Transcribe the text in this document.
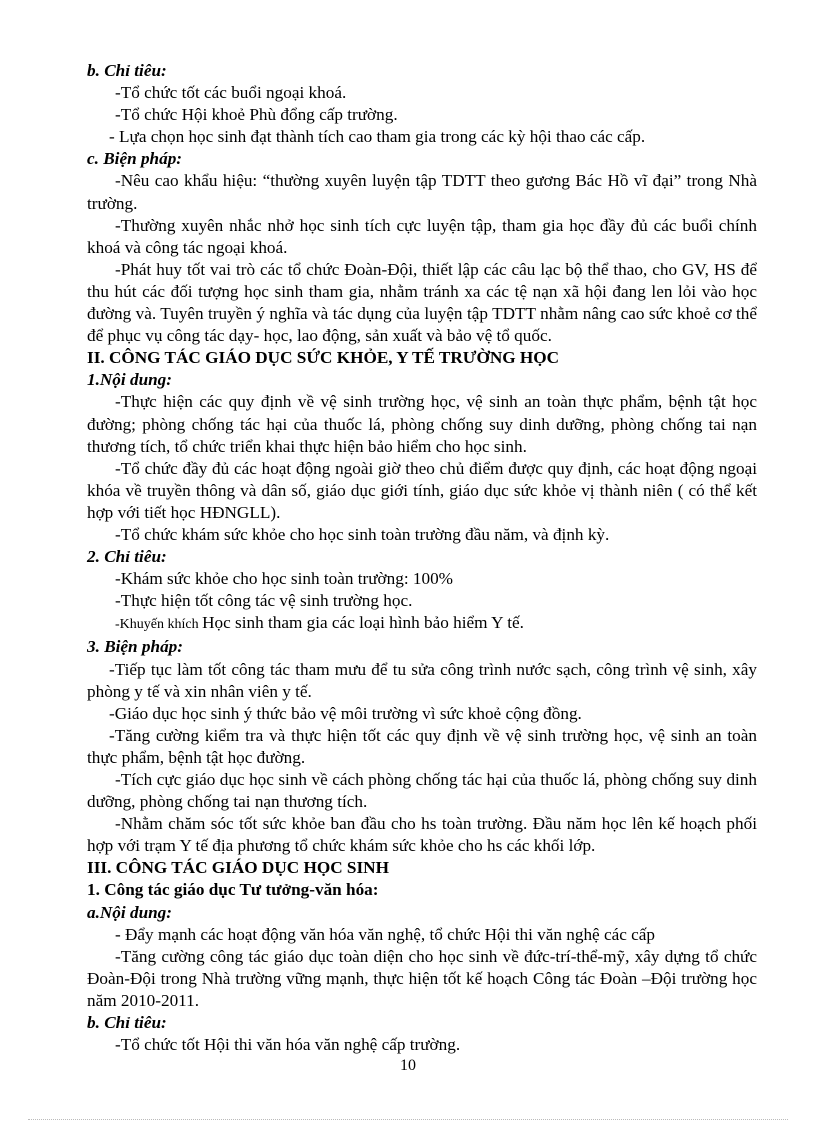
b. Chỉ tiêu:

-Tổ chức tốt các buổi ngoại khoá.

-Tổ chức Hội khoẻ Phù đổng cấp trường.

- Lựa chọn học sinh đạt thành tích cao tham gia trong các kỳ hội thao các cấp.

c. Biện pháp:

-Nêu cao khẩu hiệu: “thường xuyên luyện tập TDTT theo gương Bác Hồ vĩ đại” trong Nhà trường.

-Thường xuyên nhắc nhở học sinh tích cực luyện tập, tham gia học đầy đủ các buổi chính khoá và công tác ngoại khoá.

-Phát huy tốt vai trò các tổ chức Đoàn-Đội, thiết lập các câu lạc bộ thể thao, cho GV, HS để thu hút các đối tượng học sinh tham gia, nhằm tránh xa các tệ nạn xã hội đang len lỏi vào học đường và. Tuyên truyền ý nghĩa và tác dụng của luyện tập TDTT nhằm nâng cao sức khoẻ cơ thể để phục vụ công tác dạy- học, lao động, sản xuất và bảo vệ tổ quốc.

II. CÔNG TÁC GIÁO DỤC SỨC KHỎE, Y TẾ TRƯỜNG HỌC

1.Nội dung:

-Thực hiện các quy định về vệ sinh trường học, vệ sinh an toàn thực phẩm, bệnh tật học đường; phòng chống tác hại của thuốc lá, phòng chống suy dinh dưỡng, phòng chống tai nạn thương tích, tổ chức triển khai thực hiện bảo hiểm cho học sinh.

-Tổ chức đầy đủ các hoạt động ngoài giờ theo chủ điểm được quy định, các hoạt động ngoại khóa về truyền thông và dân số, giáo dục giới tính, giáo dục sức khỏe vị thành niên ( có thể kết hợp với tiết học HĐNGLL).

-Tổ chức khám sức khỏe cho học sinh toàn trường đầu năm, và định kỳ.

2. Chỉ tiêu:

-Khám sức khỏe cho học sinh toàn trường: 100%

-Thực hiện tốt công tác vệ sinh trường học.

-Khuyến khích Học sinh tham gia các loại hình bảo hiểm Y tế.

3. Biện pháp:

-Tiếp tục làm tốt công tác tham mưu để tu sửa công trình nước sạch, công trình vệ sinh, xây phòng y tế và xin nhân viên y tế.

-Giáo dục học sinh ý thức bảo vệ môi trường vì sức khoẻ cộng đồng.

-Tăng cường kiểm tra và thực hiện tốt các quy định về vệ sinh trường học, vệ sinh an toàn thực phẩm, bệnh tật học đường.

-Tích cực giáo dục học sinh về cách phòng chống tác hại của thuốc lá, phòng chống suy dinh dưỡng, phòng chống tai nạn thương tích.

-Nhằm chăm sóc tốt sức khỏe ban đầu cho hs toàn trường. Đầu năm học lên kế hoạch phối hợp với trạm Y tế địa phương tổ chức khám sức khỏe cho hs các khối lớp.

III. CÔNG TÁC GIÁO DỤC HỌC SINH

1. Công tác giáo dục Tư tưởng-văn hóa:

a.Nội dung:

- Đẩy mạnh các hoạt động văn hóa văn nghệ, tổ chức Hội thi văn nghệ các cấp

-Tăng cường công tác giáo dục toàn diện cho học sinh về đức-trí-thể-mỹ, xây dựng tổ chức Đoàn-Đội trong Nhà trường vững mạnh, thực hiện tốt kế hoạch Công tác Đoàn –Đội trường học năm 2010-2011.

b. Chỉ tiêu:

-Tổ chức tốt Hội thi văn hóa văn nghệ cấp trường.

10
